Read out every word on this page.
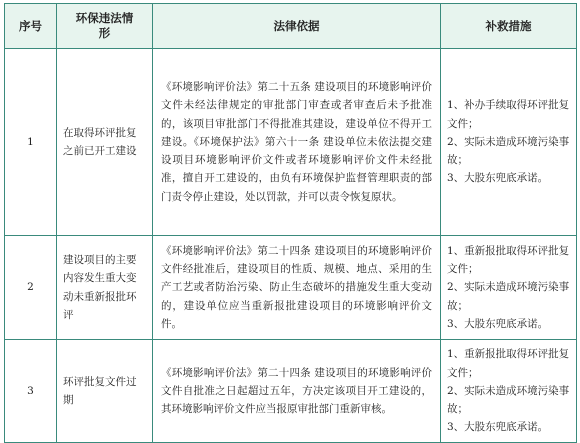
序号	环保违法情形	法律依据	补救措施
1	在取得环评批复之前已开工建设	《环境影响评价法》第二十五条 建设项目的环境影响评价文件未经法律规定的审批部门审查或者审查后未予批准的，该项目审批部门不得批准其建设，建设单位不得开工建设。《环境保护法》第六十一条 建设单位未依法提交建设项目环境影响评价文件或者环境影响评价文件未经批准，擅自开工建设的，由负有环境保护监督管理职责的部门责令停止建设，处以罚款，并可以责令恢复原状。	1、补办手续取得环评批复文件；
2、实际未造成环境污染事故；
3、大股东兜底承诺。

2	建设项目的主要内容发生重大变动未重新报批环评	《环境影响评价法》第二十四条 建设项目的环境影响评价文件经批准后，建设项目的性质、规模、地点、采用的生产工艺或者防治污染、防止生态破坏的措施发生重大变动的，建设单位应当重新报批建设项目的环境影响评价文件。	1、重新报批取得环评批复文件；
2、实际未造成环境污染事故；
3、大股东兜底承诺。

3	环评批复文件过期	《环境影响评价法》第二十四条 建设项目的环境影响评价文件自批准之日起超过五年，方决定该项目开工建设的，其环境影响评价文件应当报原审批部门重新审核。	1、重新报批取得环评批复文件；
2、实际未造成环境污染事故；
3、大股东兜底承诺。
